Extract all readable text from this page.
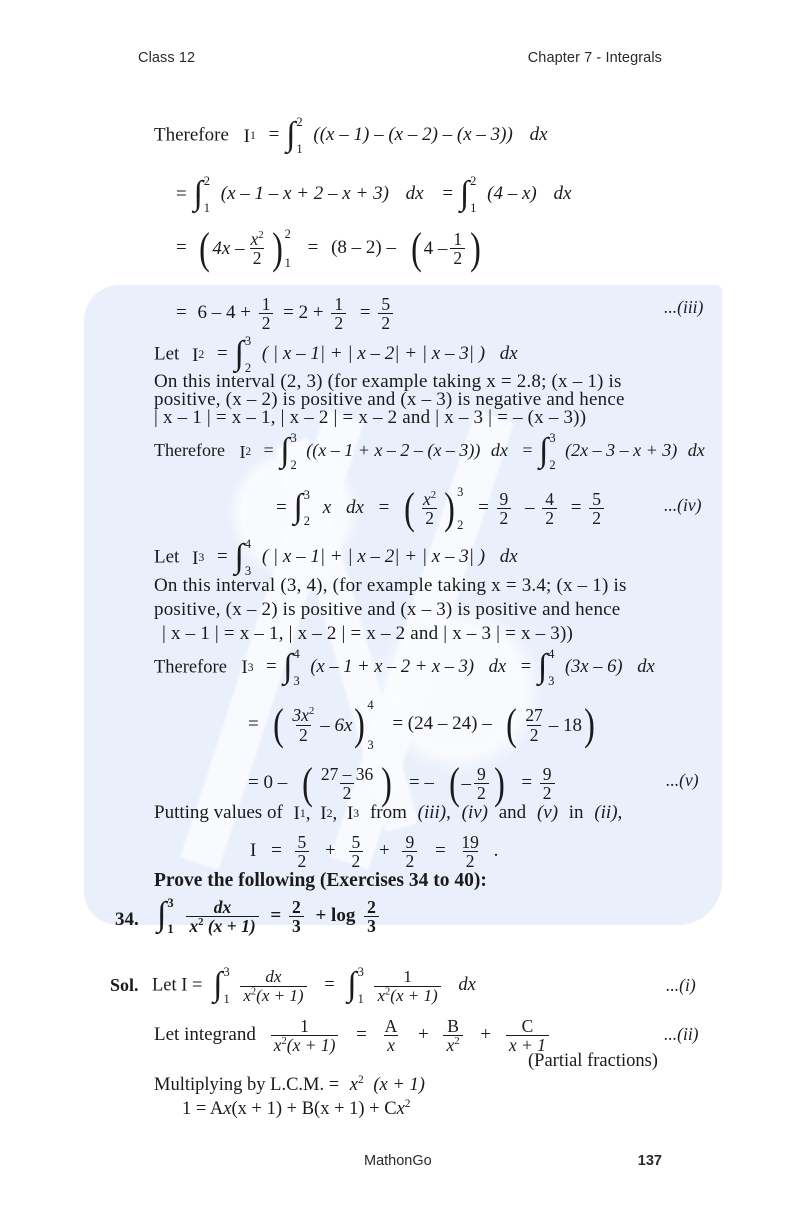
Class 12	Chapter 7 - Integrals
MathonGo	137
Therefore I 1 = ∫ 2
1
((x – 1) – (x – 2) – (x – 3)) dx
= ∫ 2
1
(x – 1 – x + 2 – x + 3) dx = ∫ 2
1
(4 – x) dx
= ( $4x - \frac{x^2}{2}$ ) 2
1
= (8 – 2) – ( $4 - \frac{1}{2}$ )
= $6 - 4 + \frac{1}{2} = 2 + \frac{1}{2} = \frac{5}{2}$	...(iii)
Let I 2 = ∫ 3
2
( | x – 1| + | x – 2| + | x – 3| ) dx
On this interval (2, 3) (for example taking x = 2.8; (x – 1) is
positive, (x – 2) is positive and (x – 3) is negative and hence
| x – 1 | = x – 1, | x – 2 | = x – 2 and | x – 3 | = – (x – 3))
Therefore I 2 = ∫ 3
2
((x – 1 + x – 2 – (x – 3)) dx = ∫ 3
2
(2x – 3 – x + 3) dx
= ∫ 3
2
x dx = ( $\frac{x^2}{2}$ ) 3
2
= $\frac{9}{2} - \frac{4}{2} = \frac{5}{2}$	...(iv)
Let I 3 = ∫ 4
3
( | x – 1| + | x – 2| + | x – 3| ) dx
On this interval (3, 4), (for example taking x = 3.4; (x – 1) is
positive, (x – 2) is positive and (x – 3) is positive and hence
| x – 1 | = x – 1, | x – 2 | = x – 2 and | x – 3 | = x – 3))
Therefore I 3 = ∫ 4
3
(x – 1 + x – 2 + x – 3) dx = ∫ 4
3
(3x – 6) dx
= ( $\frac{3x^2}{2} - 6x$ ) 4
3
= (24 – 24) – ( $\frac{27}{2} - 18$ )
= 0 – ( $\frac{27 - 36}{2}$ ) = – ( – $\frac{9}{2}$ ) = $\frac{9}{2}$	...(v)
Putting values of I 1 , I 2 , I 3 from (iii), (iv) and (v) in (ii),
$I = \frac{5}{2} + \frac{5}{2} + \frac{9}{2} = \frac{19}{2}$ .
Prove the following (Exercises 34 to 40):
34. ∫ 3
1
$\frac{dx}{x^2 (x + 1)} = \frac{2}{3} + \log \frac{2}{3}$
Sol. Let I = ∫ 3
1
$\frac{dx}{x^2(x + 1)}$ = ∫ 3
1
$\frac{1}{x^2(x + 1)}$ dx	...(i)
Let integrand $\frac{1}{x^2(x + 1)} = \frac{A}{x} + \frac{B}{x^2} + \frac{C}{x + 1}$	...(ii)
(Partial fractions)
Multiplying by L.C.M. = $x^2$ (x + 1)
$1 = Ax(x + 1) + B(x + 1) + Cx^2$
